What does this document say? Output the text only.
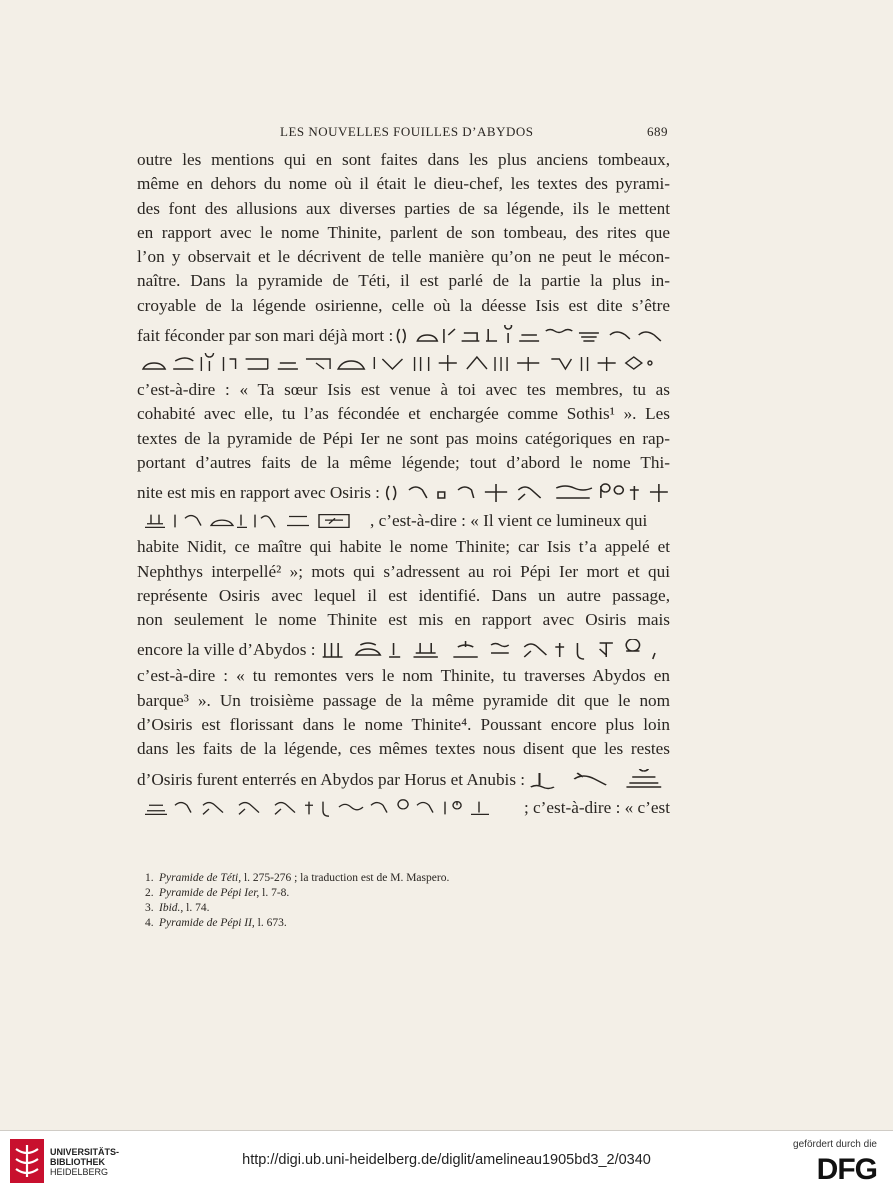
LES NOUVELLES FOUILLES D’ABYDOS	689
outre les mentions qui en sont faites dans les plus anciens tombeaux,
même en dehors du nome où il était le dieu-chef, les textes des pyrami-
des font des allusions aux diverses parties de sa légende, ils le mettent
en rapport avec le nome Thinite, parlent de son tombeau, des rites que
l’on y observait et le décrivent de telle manière qu’on ne peut le mécon-
naître. Dans la pyramide de Téti, il est parlé de la partie la plus in-
croyable de la légende osirienne, celle où la déesse Isis est dite s’être
fait féconder par son mari déjà mort :
c’est-à-dire : « Ta sœur Isis est venue à toi avec tes membres, tu as
cohabité avec elle, tu l’as fécondée et enchargée comme Sothis¹ ». Les
textes de la pyramide de Pépi Ier ne sont pas moins catégoriques en rap-
portant d’autres faits de la même légende; tout d’abord le nome Thi-
nite est mis en rapport avec Osiris :
, c’est-à-dire : « Il vient ce lumineux qui
habite Nidit, ce maître qui habite le nome Thinite; car Isis t’a appelé et
Nephthys interpellé² »; mots qui s’adressent au roi Pépi Ier mort et qui
représente Osiris avec lequel il est identifié. Dans un autre passage,
non seulement le nome Thinite est mis en rapport avec Osiris mais
encore la ville d’Abydos :
c’est-à-dire : « tu remontes vers le nom Thinite, tu traverses Abydos en
barque³ ». Un troisième passage de la même pyramide dit que le nom
d’Osiris est florissant dans le nome Thinite⁴. Poussant encore plus loin
dans les faits de la légende, ces mêmes textes nous disent que les restes
d’Osiris furent enterrés en Abydos par Horus et Anubis :
; c’est-à-dire : « c’est
1. Pyramide de Téti, l. 275-276 ; la traduction est de M. Maspero.
2. Pyramide de Pépi Ier, l. 7-8.
3. Ibid., l. 74.
4. Pyramide de Pépi II, l. 673.
UNIVERSITÄTS-
BIBLIOTHEK
HEIDELBERG
http://digi.ub.uni-heidelberg.de/diglit/amelineau1905bd3_2/0340
gefördert durch die
DFG
